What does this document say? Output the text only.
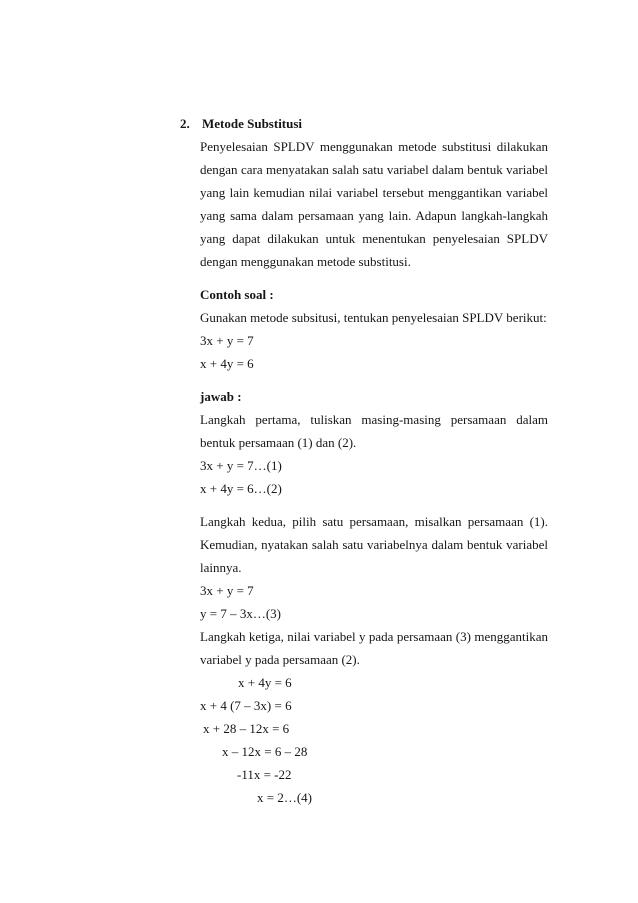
2. Metode Substitusi

Penyelesaian SPLDV menggunakan metode substitusi dilakukan dengan cara menyatakan salah satu variabel dalam bentuk variabel yang lain kemudian nilai variabel tersebut menggantikan variabel yang sama dalam persamaan yang lain. Adapun langkah-langkah yang dapat dilakukan untuk menentukan penyelesaian SPLDV dengan menggunakan metode substitusi.

Contoh soal :

Gunakan metode subsitusi, tentukan penyelesaian SPLDV berikut:

3x + y = 7

x + 4y = 6

jawab :

Langkah pertama, tuliskan masing-masing persamaan dalam bentuk persamaan (1) dan (2).

3x + y = 7…(1)

x + 4y = 6…(2)

Langkah kedua, pilih satu persamaan, misalkan persamaan (1). Kemudian, nyatakan salah satu variabelnya dalam bentuk variabel lainnya.

3x + y = 7

y = 7 – 3x…(3)

Langkah ketiga, nilai variabel y pada persamaan (3) menggantikan variabel y pada persamaan (2).

x + 4y = 6

x + 4 (7 – 3x) = 6

x + 28 – 12x = 6

x – 12x = 6 – 28

-11x = -22

x = 2…(4)
